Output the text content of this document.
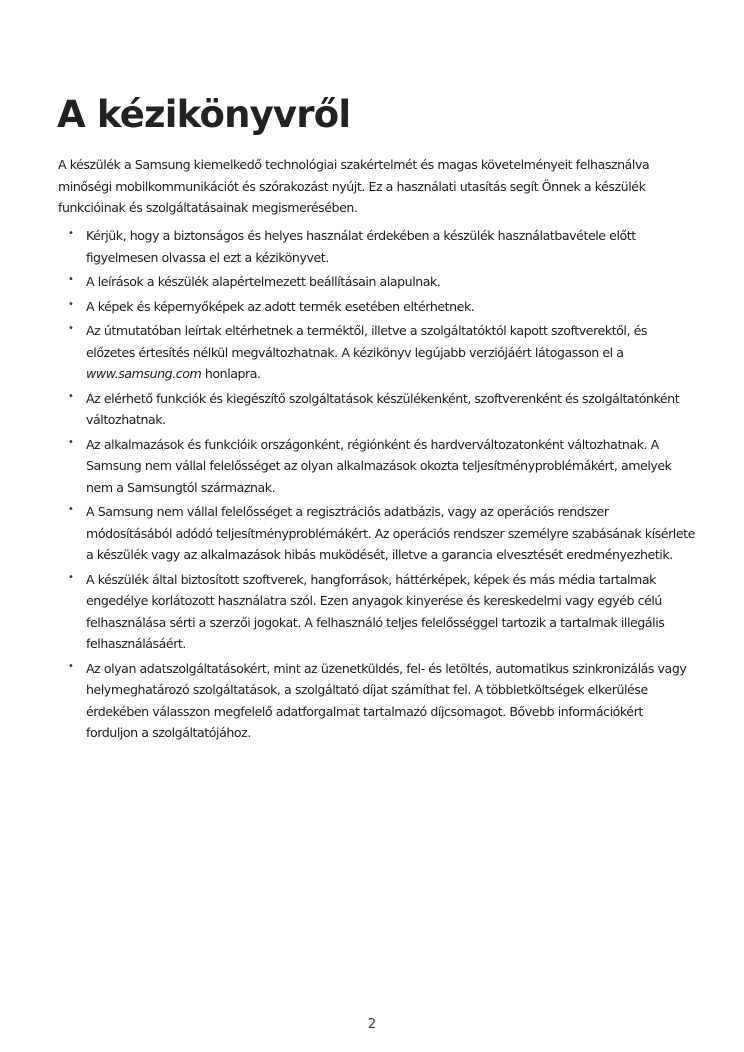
A kézikönyvről

A készülék a Samsung kiemelkedő technológiai szakértelmét és magas követelményeit felhasználva minőségi mobilkommunikációt és szórakozást nyújt. Ez a használati utasítás segít Önnek a készülék funkcióinak és szolgáltatásainak megismerésében.

• Kérjük, hogy a biztonságos és helyes használat érdekében a készülék használatbavétele előtt figyelmesen olvassa el ezt a kézikönyvet.
• A leírások a készülék alapértelmezett beállításain alapulnak.
• A képek és képernyőképek az adott termék esetében eltérhetnek.
• Az útmutatóban leírtak eltérhetnek a terméktől, illetve a szolgáltatóktól kapott szoftverektől, és előzetes értesítés nélkül megváltozhatnak. A kézikönyv legújabb verziójáért látogasson el a www.samsung.com honlapra.
• Az elérhető funkciók és kiegészítő szolgáltatások készülékenként, szoftverenként és szolgáltatónként változhatnak.
• Az alkalmazások és funkcióik országonként, régiónként és hardverváltozatonként változhatnak. A Samsung nem vállal felelősséget az olyan alkalmazások okozta teljesítményproblémákért, amelyek nem a Samsungtól származnak.
• A Samsung nem vállal felelősséget a regisztrációs adatbázis, vagy az operációs rendszer módosításából adódó teljesítményproblémákért. Az operációs rendszer személyre szabásának kísérlete a készülék vagy az alkalmazások hibás muködését, illetve a garancia elvesztését eredményezhetik.
• A készülék által biztosított szoftverek, hangforrások, háttérképek, képek és más média tartalmak engedélye korlátozott használatra szól. Ezen anyagok kinyerése és kereskedelmi vagy egyéb célú felhasználása sérti a szerzői jogokat. A felhasználó teljes felelősséggel tartozik a tartalmak illegális felhasználásáért.
• Az olyan adatszolgáltatásokért, mint az üzenetküldés, fel- és letöltés, automatikus szinkronizálás vagy helymeghatározó szolgáltatások, a szolgáltató díjat számíthat fel. A többletköltségek elkerülése érdekében válasszon megfelelő adatforgalmat tartalmazó díjcsomagot. Bővebb információkért forduljon a szolgáltatójához.
2
